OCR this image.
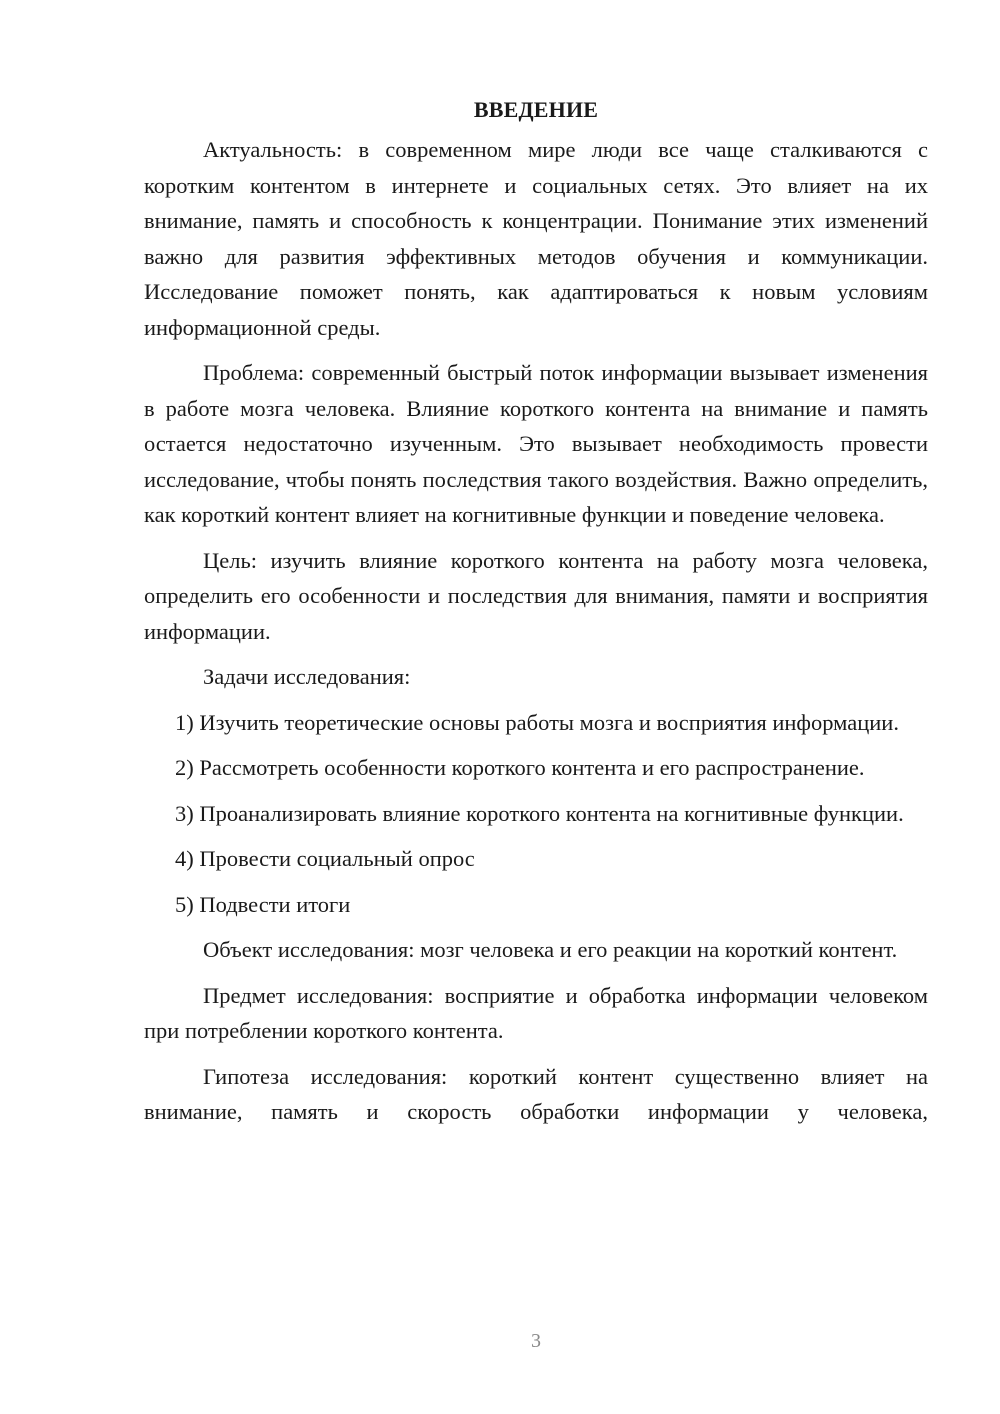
ВВЕДЕНИЕ

Актуальность: в современном мире люди все чаще сталкиваются с коротким контентом в интернете и социальных сетях. Это влияет на их внимание, память и способность к концентрации. Понимание этих изменений важно для развития эффективных методов обучения и коммуникации. Исследование поможет понять, как адаптироваться к новым условиям информационной среды.

Проблема: современный быстрый поток информации вызывает изменения в работе мозга человека. Влияние короткого контента на внимание и память остается недостаточно изученным. Это вызывает необходимость провести исследование, чтобы понять последствия такого воздействия. Важно определить, как короткий контент влияет на когнитивные функции и поведение человека.

Цель: изучить влияние короткого контента на работу мозга человека, определить его особенности и последствия для внимания, памяти и восприятия информации.

Задачи исследования:

1) Изучить теоретические основы работы мозга и восприятия информации.

2) Рассмотреть особенности короткого контента и его распространение.

3) Проанализировать влияние короткого контента на когнитивные функции.

4) Провести социальный опрос

5) Подвести итоги

Объект исследования: мозг человека и его реакции на короткий контент.

Предмет исследования: восприятие и обработка информации человеком при потреблении короткого контента.

Гипотеза исследования: короткий контент существенно влияет на внимание, память и скорость обработки информации у человека,

3
